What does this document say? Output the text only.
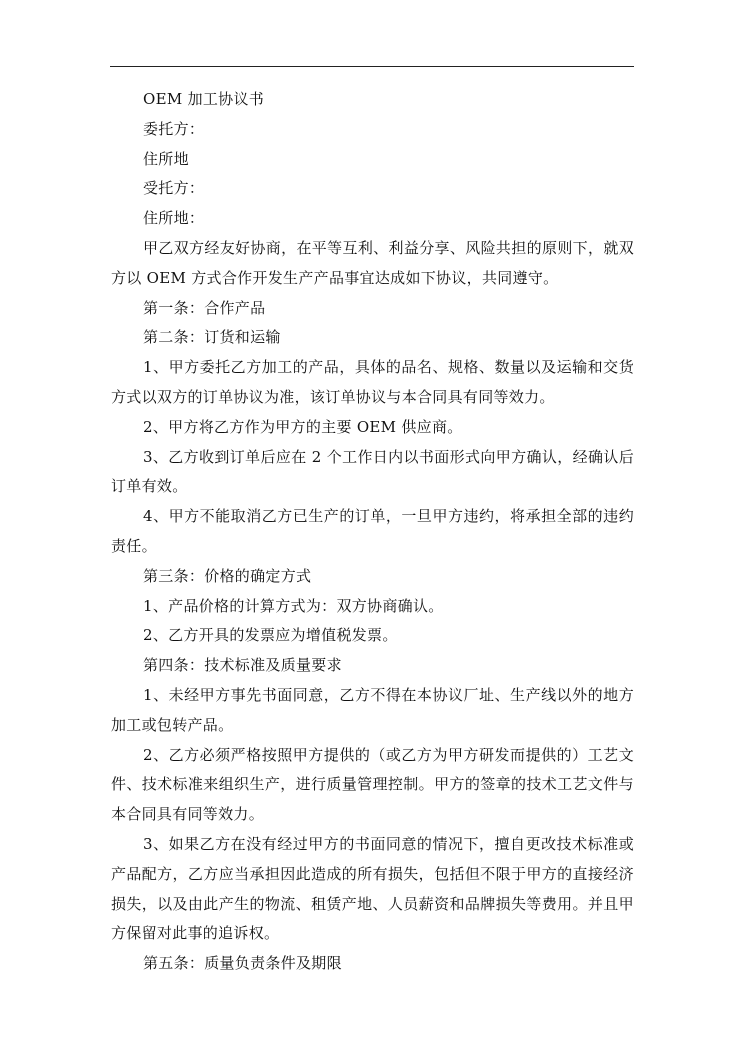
OEM 加工协议书

委托方：

住所地

受托方：

住所地：

甲乙双方经友好协商，在平等互利、利益分享、风险共担的原则下，就双方以 OEM 方式合作开发生产产品事宜达成如下协议，共同遵守。

第一条：合作产品

第二条：订货和运输

1、甲方委托乙方加工的产品，具体的品名、规格、数量以及运输和交货方式以双方的订单协议为准，该订单协议与本合同具有同等效力。

2、甲方将乙方作为甲方的主要 OEM 供应商。

3、乙方收到订单后应在 2 个工作日内以书面形式向甲方确认，经确认后订单有效。

4、甲方不能取消乙方已生产的订单，一旦甲方违约，将承担全部的违约责任。

第三条：价格的确定方式

1、产品价格的计算方式为：双方协商确认。

2、乙方开具的发票应为增值税发票。

第四条：技术标准及质量要求

1、未经甲方事先书面同意，乙方不得在本协议厂址、生产线以外的地方加工或包转产品。

2、乙方必须严格按照甲方提供的（或乙方为甲方研发而提供的）工艺文件、技术标准来组织生产，进行质量管理控制。甲方的签章的技术工艺文件与本合同具有同等效力。

3、如果乙方在没有经过甲方的书面同意的情况下，擅自更改技术标准或产品配方，乙方应当承担因此造成的所有损失，包括但不限于甲方的直接经济损失，以及由此产生的物流、租赁产地、人员薪资和品牌损失等费用。并且甲方保留对此事的追诉权。

第五条：质量负责条件及期限
